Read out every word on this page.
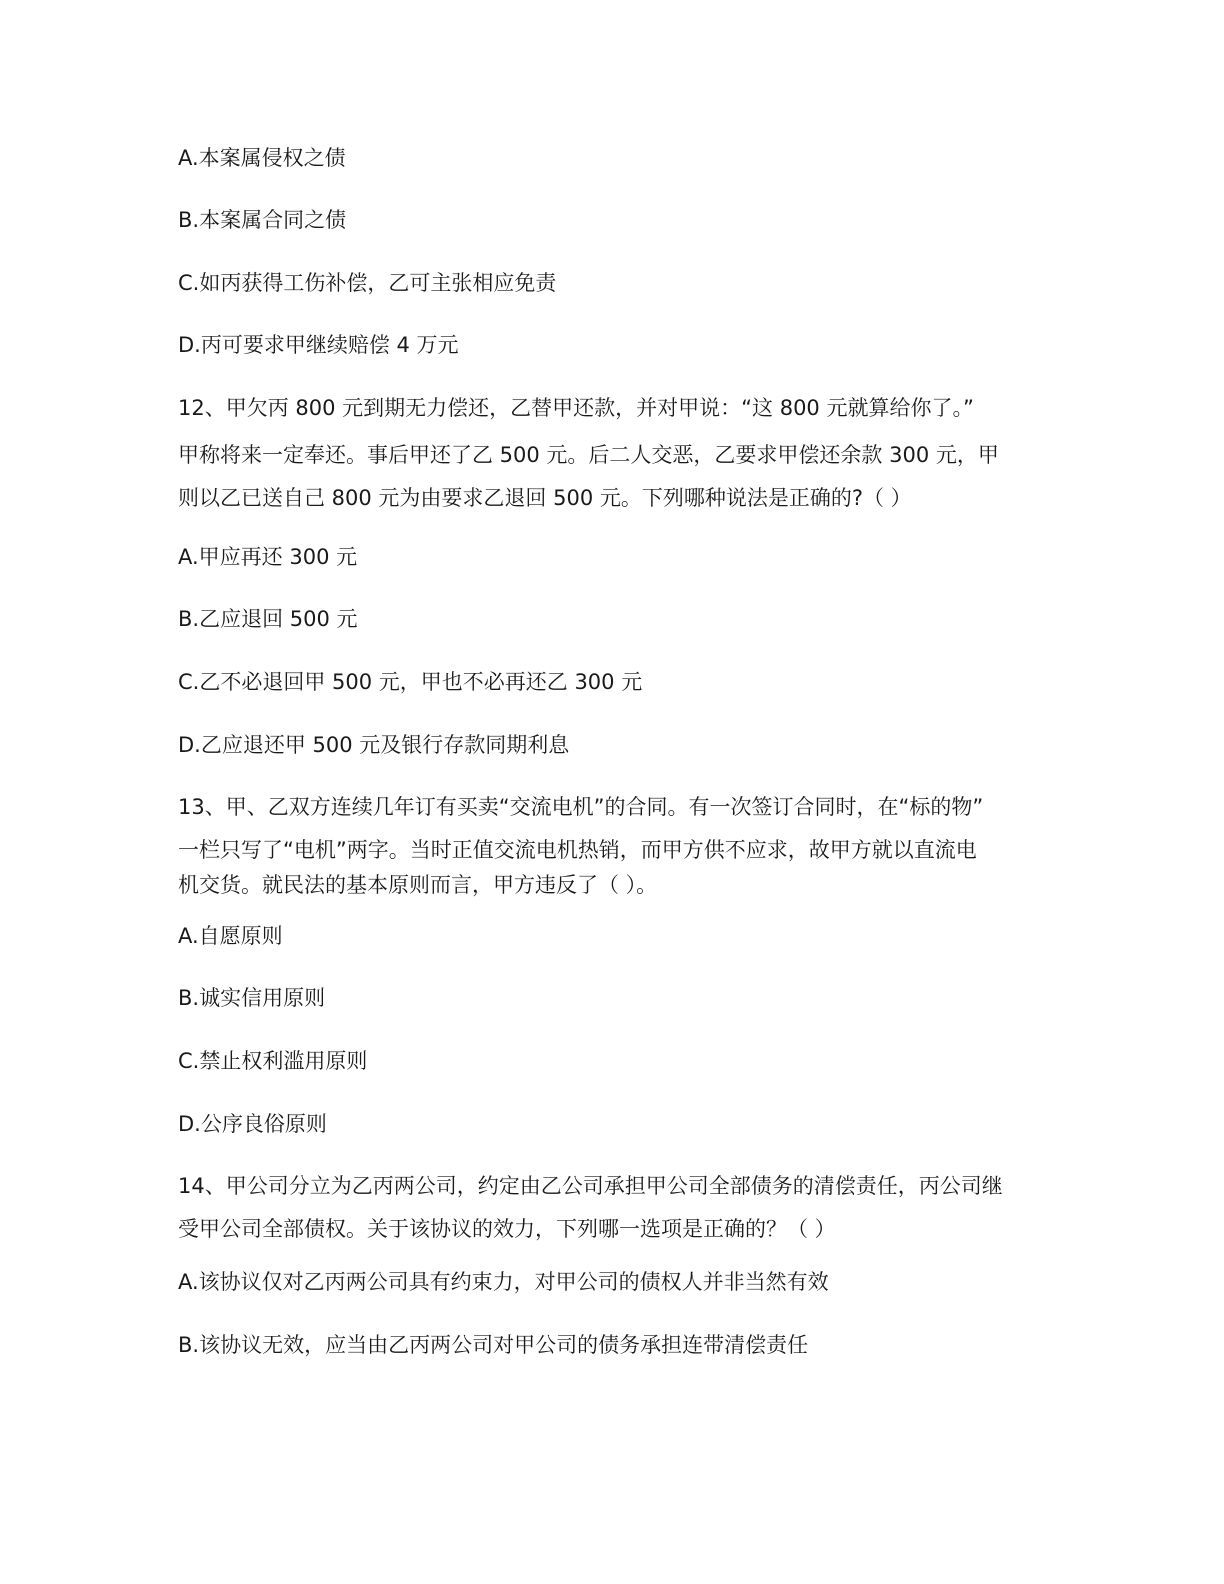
A.本案属侵权之债
B.本案属合同之债
C.如丙获得工伤补偿，乙可主张相应免责
D.丙可要求甲继续赔偿 4 万元
12、甲欠丙 800 元到期无力偿还，乙替甲还款，并对甲说：“这 800 元就算给你了。”
甲称将来一定奉还。事后甲还了乙 500 元。后二人交恶，乙要求甲偿还余款 300 元，甲
则以乙已送自己 800 元为由要求乙退回 500 元。下列哪种说法是正确的?（ ）
A.甲应再还 300 元
B.乙应退回 500 元
C.乙不必退回甲 500 元，甲也不必再还乙 300 元
D.乙应退还甲 500 元及银行存款同期利息
13、甲、乙双方连续几年订有买卖“交流电机”的合同。有一次签订合同时，在“标的物”
一栏只写了“电机”两字。当时正值交流电机热销，而甲方供不应求，故甲方就以直流电
机交货。就民法的基本原则而言，甲方违反了（ ）。
A.自愿原则
B.诚实信用原则
C.禁止权利滥用原则
D.公序良俗原则
14、甲公司分立为乙丙两公司，约定由乙公司承担甲公司全部债务的清偿责任，丙公司继
受甲公司全部债权。关于该协议的效力，下列哪一选项是正确的？（ ）
A.该协议仅对乙丙两公司具有约束力，对甲公司的债权人并非当然有效
B.该协议无效，应当由乙丙两公司对甲公司的债务承担连带清偿责任
